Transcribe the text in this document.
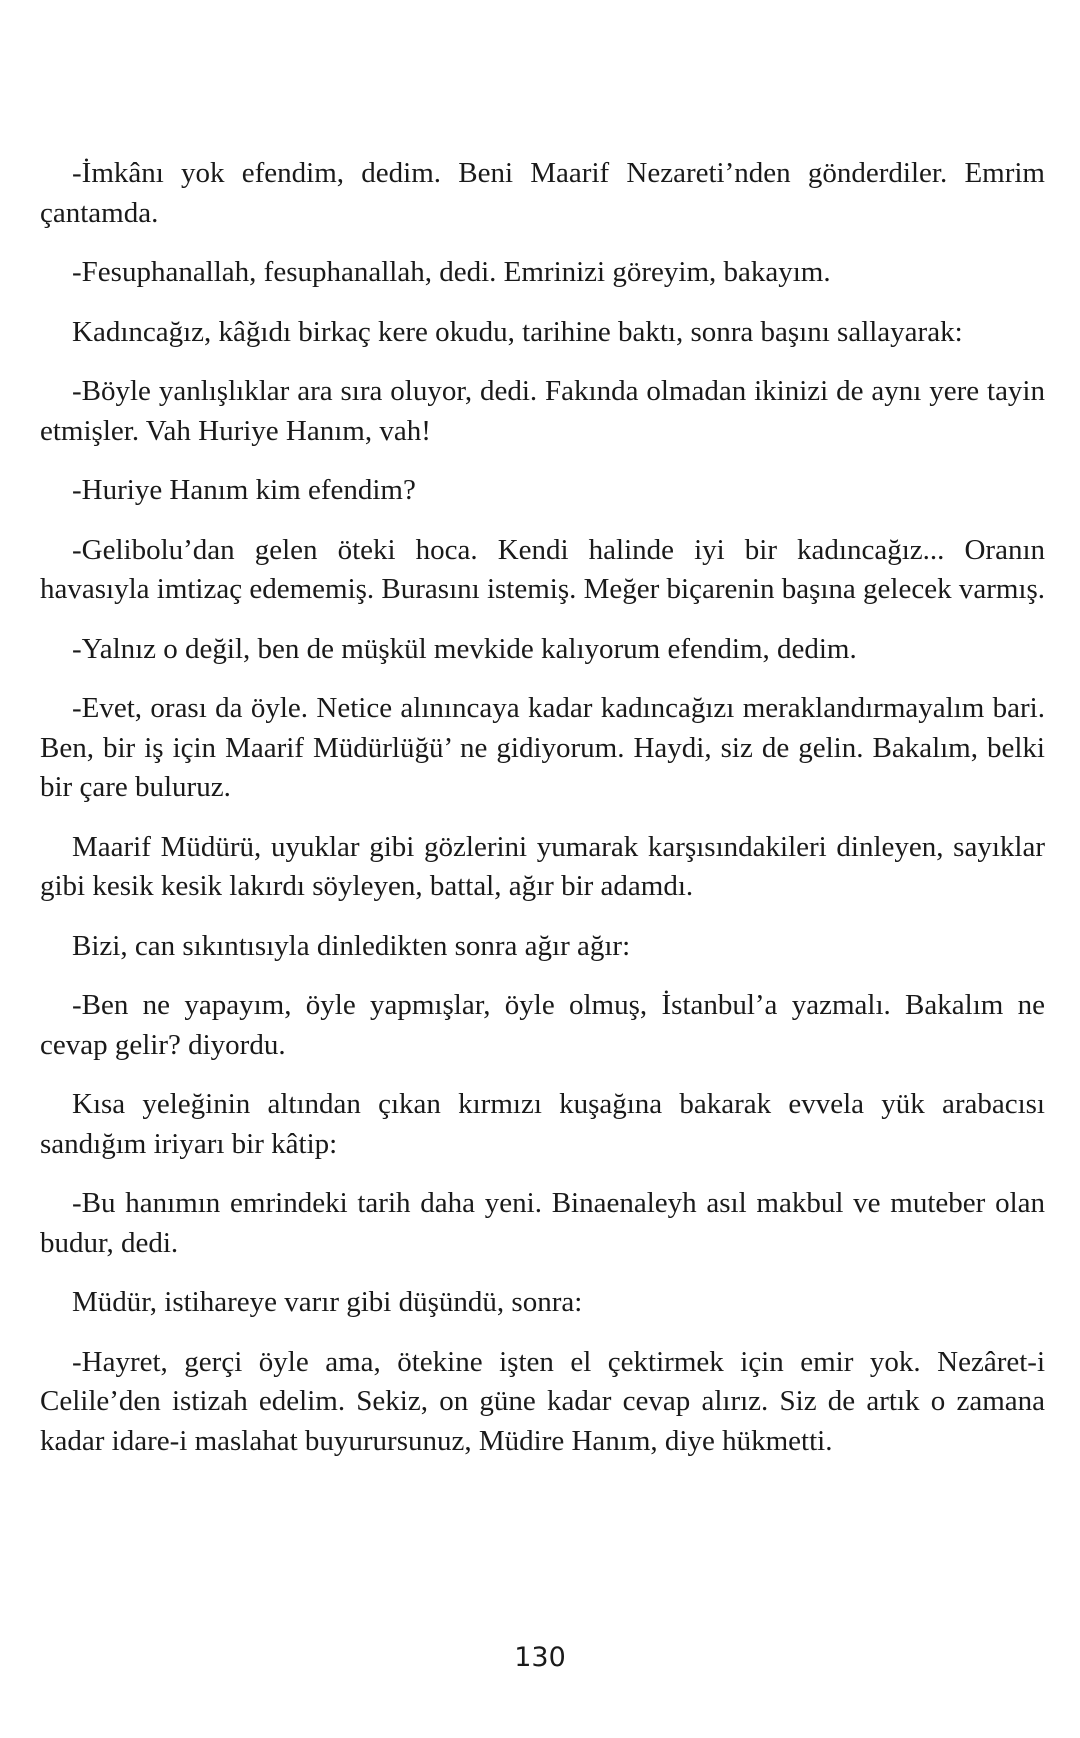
-İmkânı yok efendim, dedim. Beni Maarif Nezareti’nden gönderdiler. Emrim çantamda.

-Fesuphanallah, fesuphanallah, dedi. Emrinizi göreyim, bakayım.

Kadıncağız, kâğıdı birkaç kere okudu, tarihine baktı, sonra başını sallayarak:

-Böyle yanlışlıklar ara sıra oluyor, dedi. Fakında olmadan ikinizi de aynı yere tayin etmişler. Vah Huriye Hanım, vah!

-Huriye Hanım kim efendim?

-Gelibolu’dan gelen öteki hoca. Kendi halinde iyi bir kadıncağız... Oranın havasıyla imtizaç edememiş. Burasını istemiş. Meğer biçarenin başına gelecek varmış.

-Yalnız o değil, ben de müşkül mevkide kalıyorum efendim, dedim.

-Evet, orası da öyle. Netice alınıncaya kadar kadıncağızı meraklandırmayalım bari. Ben, bir iş için Maarif Müdürlüğü’ ne gidiyorum. Haydi, siz de gelin. Bakalım, belki bir çare buluruz.

Maarif Müdürü, uyuklar gibi gözlerini yumarak karşısındakileri dinleyen, sayıklar gibi kesik kesik lakırdı söyleyen, battal, ağır bir adamdı.

Bizi, can sıkıntısıyla dinledikten sonra ağır ağır:

-Ben ne yapayım, öyle yapmışlar, öyle olmuş, İstanbul’a yazmalı. Bakalım ne cevap gelir? diyordu.

Kısa yeleğinin altından çıkan kırmızı kuşağına bakarak evvela yük arabacısı sandığım iriyarı bir kâtip:

-Bu hanımın emrindeki tarih daha yeni. Binaenaleyh asıl makbul ve muteber olan budur, dedi.

Müdür, istihareye varır gibi düşündü, sonra:

-Hayret, gerçi öyle ama, ötekine işten el çektirmek için emir yok. Nezâret-i Celile’den istizah edelim. Sekiz, on güne kadar cevap alırız. Siz de artık o zamana kadar idare-i maslahat buyurursunuz, Müdire Hanım, diye hükmetti.

130
